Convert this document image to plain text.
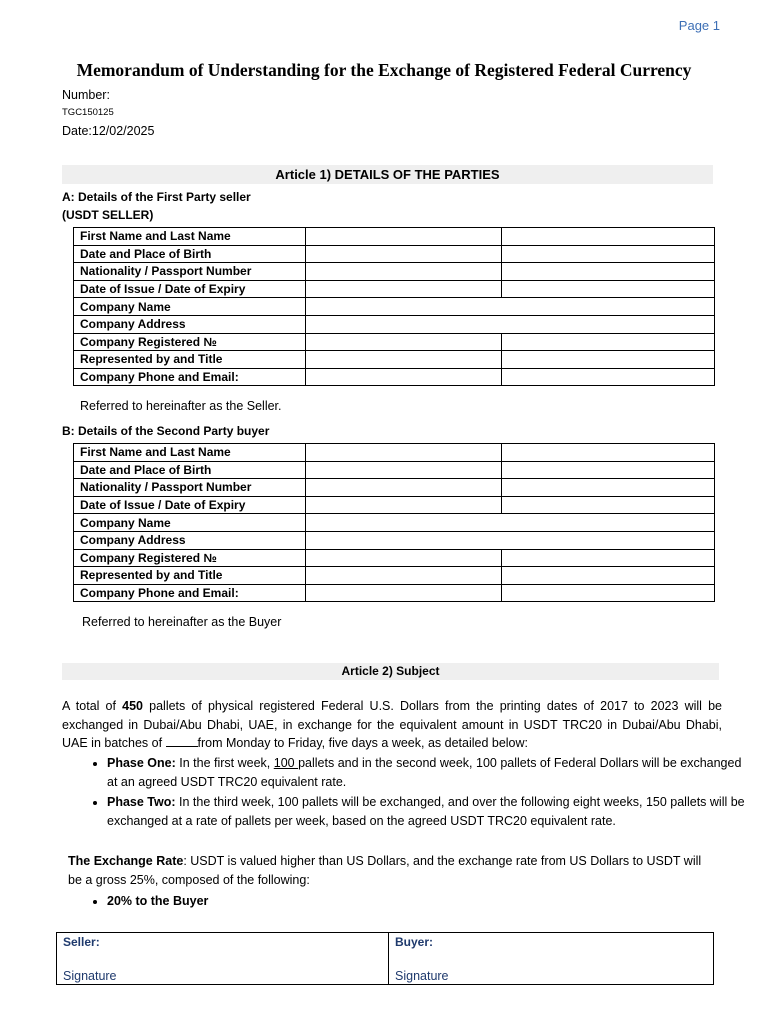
Page 1
Memorandum of Understanding for the Exchange of Registered Federal Currency
Number:
TGC150125
Date:12/02/2025
Article 1) DETAILS OF THE PARTIES
A: Details of the First Party seller
(USDT SELLER)
First Name and Last Name		
Date and Place of Birth		
Nationality / Passport Number		
Date of Issue / Date of Expiry		
Company Name		
Company Address		
Company Registered №		
Represented by and Title		
Company Phone and Email:		
Referred to hereinafter as the Seller.
B: Details of the Second Party buyer
First Name and Last Name		
Date and Place of Birth		
Nationality / Passport Number		
Date of Issue / Date of Expiry		
Company Name		
Company Address		
Company Registered №		
Represented by and Title		
Company Phone and Email:		
Referred to hereinafter as the Buyer
Article 2) Subject
A total of 450 pallets of physical registered Federal U.S. Dollars from the printing dates of 2017 to 2023 will be exchanged in Dubai/Abu Dhabi, UAE, in exchange for the equivalent amount in USDT TRC20 in Dubai/Abu Dhabi, UAE in batches of	from Monday to Friday, five days a week, as detailed below:
• Phase One: In the first week, 100 pallets and in the second week, 100 pallets of Federal Dollars will be exchanged at an agreed USDT TRC20 equivalent rate.
• Phase Two: In the third week, 100 pallets will be exchanged, and over the following eight weeks, 150 pallets will be exchanged at a rate of pallets per week, based on the agreed USDT TRC20 equivalent rate.
The Exchange Rate: USDT is valued higher than US Dollars, and the exchange rate from US Dollars to USDT will be a gross 25%, composed of the following:
• 20% to the Buyer
Seller:
Signature
Buyer:
Signature
